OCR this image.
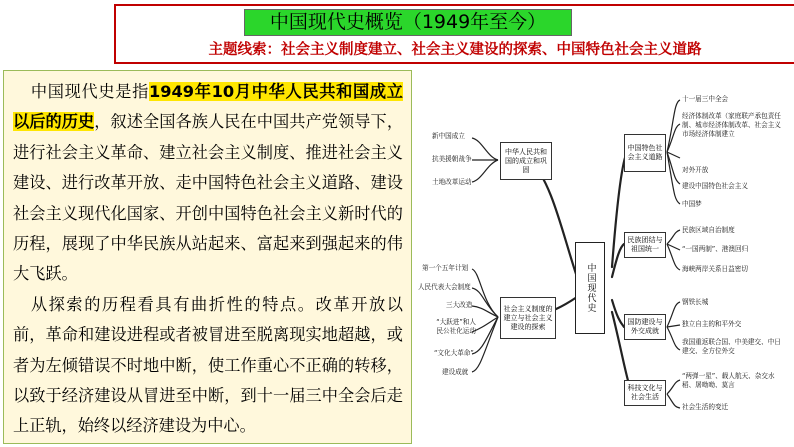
中国现代史概览（1949年至今）
主题线索：社会主义制度建立、社会主义建设的探索、中国特色社会主义道路

中国现代史是指1949年10月中华人民共和国成立以后的历史，叙述全国各族人民在中国共产党领导下，进行社会主义革命、建立社会主义制度、推进社会主义建设、进行改革开放、走中国特色社会主义道路、建设社会主义现代化国家、开创中国特色社会主义新时代的历程，展现了中华民族从站起来、富起来到强起来的伟大飞跃。

从探索的历程看具有曲折性的特点。改革开放以前，革命和建设进程或者被冒进至脱离现实地超越，或者为左倾错误不时地中断，使工作重心不正确的转移，以致于经济建设从冒进至中断，到十一届三中全会后走上正轨，始终以经济建设为中心。

中国现代史
中华人民共和国的成立和巩固
新中国成立
抗美援朝战争
土地改革运动
社会主义制度的建立与社会主义建设的探索
第一个五年计划
人民代表大会制度
三大改造
“大跃进”和人民公社化运动
“文化大革命”
建设成就
中国特色社会主义道路
十一届三中全会
经济体制改革（家庭联产承包责任制、城市经济体制改革、社会主义市场经济体制建立
对外开放
建设中国特色社会主义
中国梦
民族团结与祖国统一
民族区域自治制度
“一国两制”、港澳回归
海峡两岸关系日益密切
国防建设与外交成就
钢铁长城
独立自主的和平外交
我国重返联合国、中美建交、中日建交、全方位外交
科技文化与社会生活
“两弹一星”、载人航天、杂交水稻、屠呦呦、莫言
社会生活的变迁
